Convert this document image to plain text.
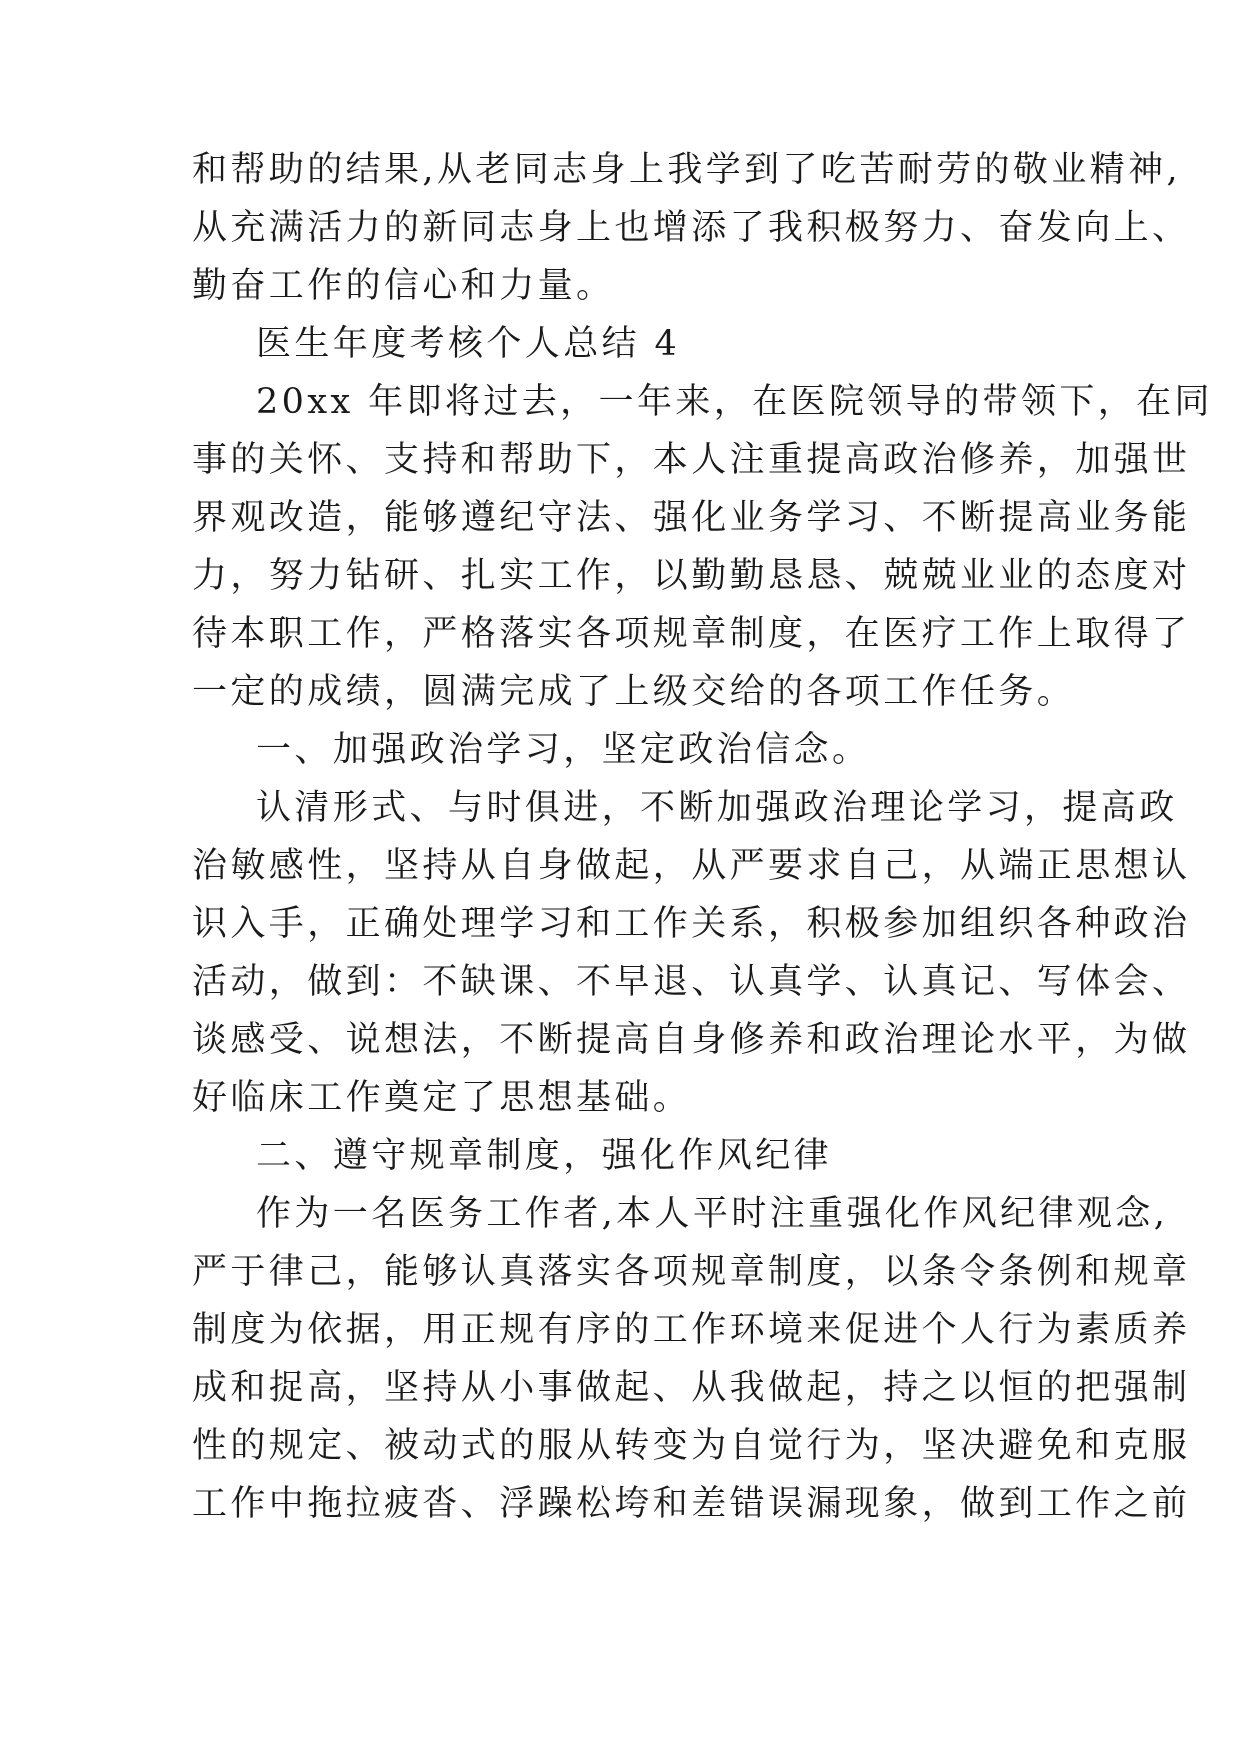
和帮助的结果,从老同志身上我学到了吃苦耐劳的敬业精神,
从充满活力的新同志身上也增添了我积极努力、奋发向上、
勤奋工作的信心和力量。
医生年度考核个人总结 4
20xx 年即将过去，一年来，在医院领导的带领下，在同
事的关怀、支持和帮助下，本人注重提高政治修养，加强世
界观改造，能够遵纪守法、强化业务学习、不断提高业务能
力，努力钻研、扎实工作，以勤勤恳恳、兢兢业业的态度对
待本职工作，严格落实各项规章制度，在医疗工作上取得了
一定的成绩，圆满完成了上级交给的各项工作任务。
一、加强政治学习，坚定政治信念。
认清形式、与时俱进，不断加强政治理论学习，提高政
治敏感性，坚持从自身做起，从严要求自己，从端正思想认
识入手，正确处理学习和工作关系，积极参加组织各种政治
活动，做到：不缺课、不早退、认真学、认真记、写体会、
谈感受、说想法，不断提高自身修养和政治理论水平，为做
好临床工作奠定了思想基础。
二、遵守规章制度，强化作风纪律
作为一名医务工作者,本人平时注重强化作风纪律观念,
严于律己，能够认真落实各项规章制度，以条令条例和规章
制度为依据，用正规有序的工作环境来促进个人行为素质养
成和捉高，坚持从小事做起、从我做起，持之以恒的把强制
性的规定、被动式的服从转变为自觉行为，坚决避免和克服
工作中拖拉疲沓、浮躁松垮和差错误漏现象，做到工作之前
